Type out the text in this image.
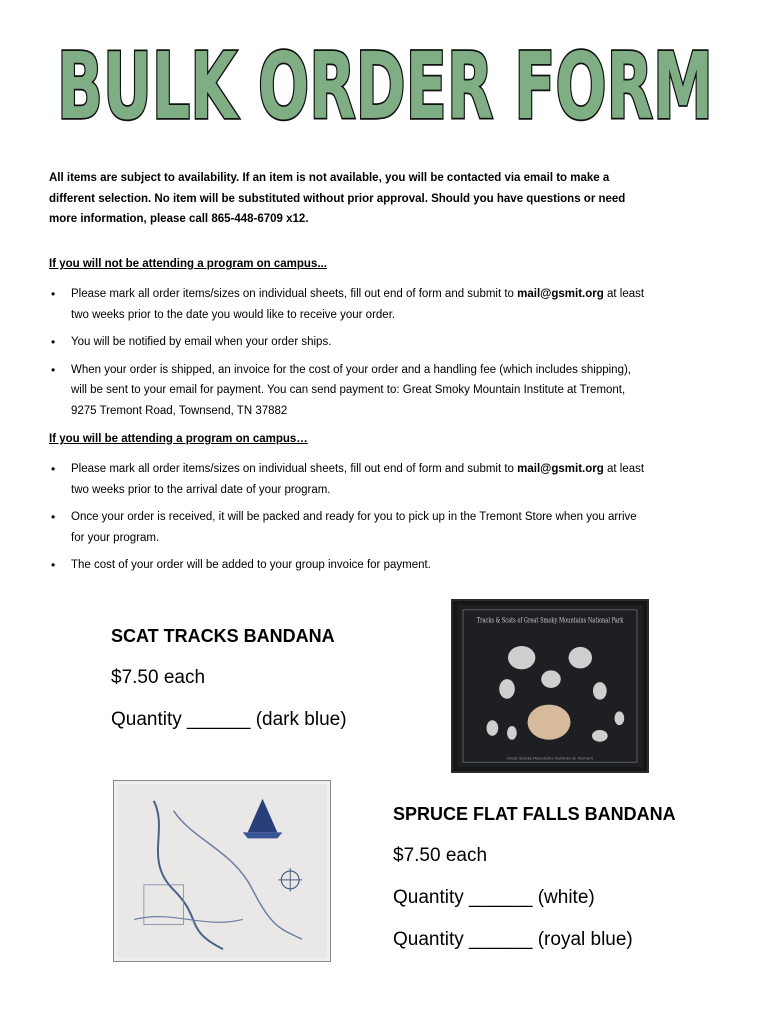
BULK ORDER FORM
All items are subject to availability. If an item is not available, you will be contacted via email to make a
different selection. No item will be substituted without prior approval. Should you have questions or need
more information, please call 865-448-6709 x12.
If you will not be attending a program on campus...
• Please mark all order items/sizes on individual sheets, fill out end of form and submit to mail@gsmit.org at least
two weeks prior to the date you would like to receive your order.
• You will be notified by email when your order ships.
• When your order is shipped, an invoice for the cost of your order and a handling fee (which includes shipping),
will be sent to your email for payment. You can send payment to: Great Smoky Mountain Institute at Tremont,
9275 Tremont Road, Townsend, TN 37882
If you will be attending a program on campus…
• Please mark all order items/sizes on individual sheets, fill out end of form and submit to mail@gsmit.org at least
two weeks prior to the arrival date of your program.
• Once your order is received, it will be packed and ready for you to pick up in the Tremont Store when you arrive
for your program.
• The cost of your order will be added to your group invoice for payment.
SCAT TRACKS BANDANA
$7.50 each
Quantity ______ (dark blue)
Tracks & Scats of Great Smoky Mountains National Park
Great Smoky Mountains Institute at Tremont
SPRUCE FLAT FALLS BANDANA
$7.50 each
Quantity ______ (white)
Quantity ______ (royal blue)
